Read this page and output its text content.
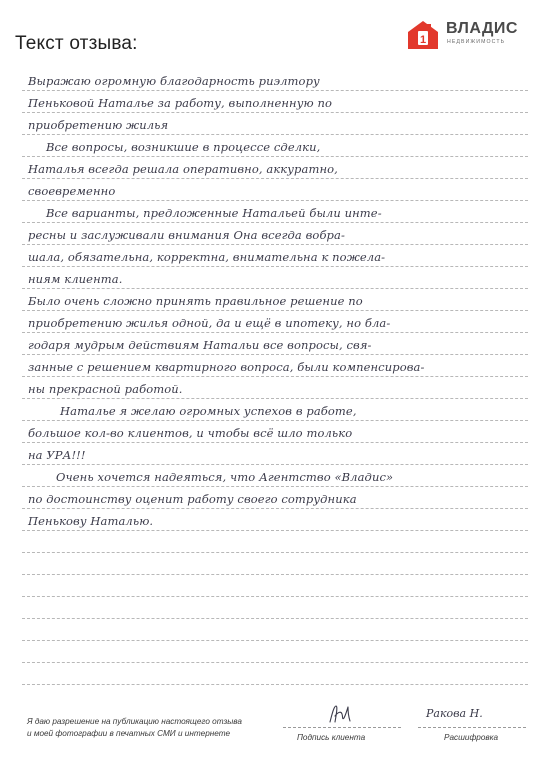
Текст отзыва:	1
ВЛАДИС
НЕДВИЖИМОСТЬ
Выражаю огромную благодарность риэлтору
Пеньковой Натальe за работу, выполненную по
приобретению жилья
Все вопросы, возникшие в процессе сделки,
Наталья всегда решала оперативно, аккуратно,
своевременно
Все варианты, предложенные Натальей были инте-
ресны и заслуживали внимания Она всегда вобра-
шала, обязательна, корректна, внимательна к пожела-
ниям клиента.
Было очень сложно принять правильное решение по
приобретению жилья одной, да и ещё в ипотеку, но бла-
годаря мудрым действиям Натальи все вопросы, свя-
занные с решением квартирного вопроса, были компенсирова-
ны прекрасной работой.
Натальe я желаю огромных успехов в работе,
большое кол-во клиентов, и чтобы всё шло только
на УРА!!!
Очень хочется надеяться, что Агентство «Владис»
по достоинству оценит работу своего сотрудника
Пенькову Наталью.
Я даю разрешение на публикацию настоящего отзыва
и моей фотографии в печатных СМИ и интернете	Подпись клиента
Ракова Н.
Расшифровка
